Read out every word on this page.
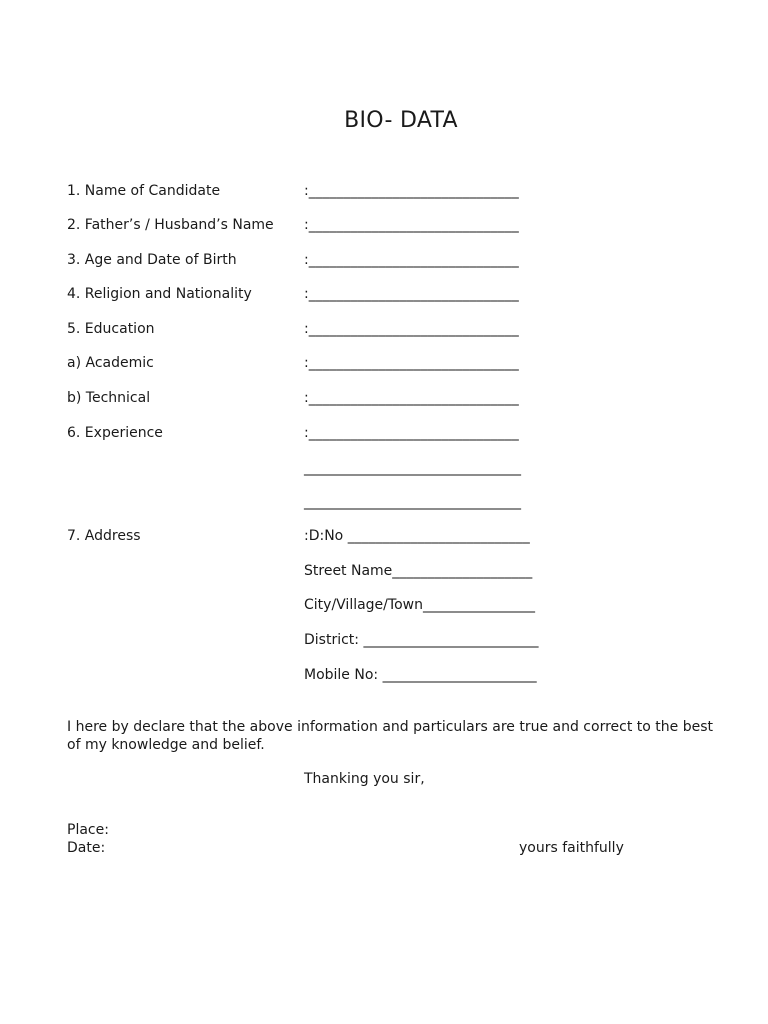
BIO- DATA
1. Name of Candidate	:______________________________
2. Father’s / Husband’s Name :______________________________
3. Age and Date of Birth	:______________________________
4. Religion and Nationality	:______________________________
5. Education	:______________________________
a) Academic	:______________________________
b) Technical	:______________________________
6. Experience	:______________________________
_______________________________
_______________________________
7. Address	:D:No __________________________
Street Name____________________
City/Village/Town________________
District: _________________________
Mobile No: ______________________
I here by declare that the above information and particulars are true and correct to the best
of my knowledge and belief.
Thanking you sir,
Place:
Date:	yours faithfully
